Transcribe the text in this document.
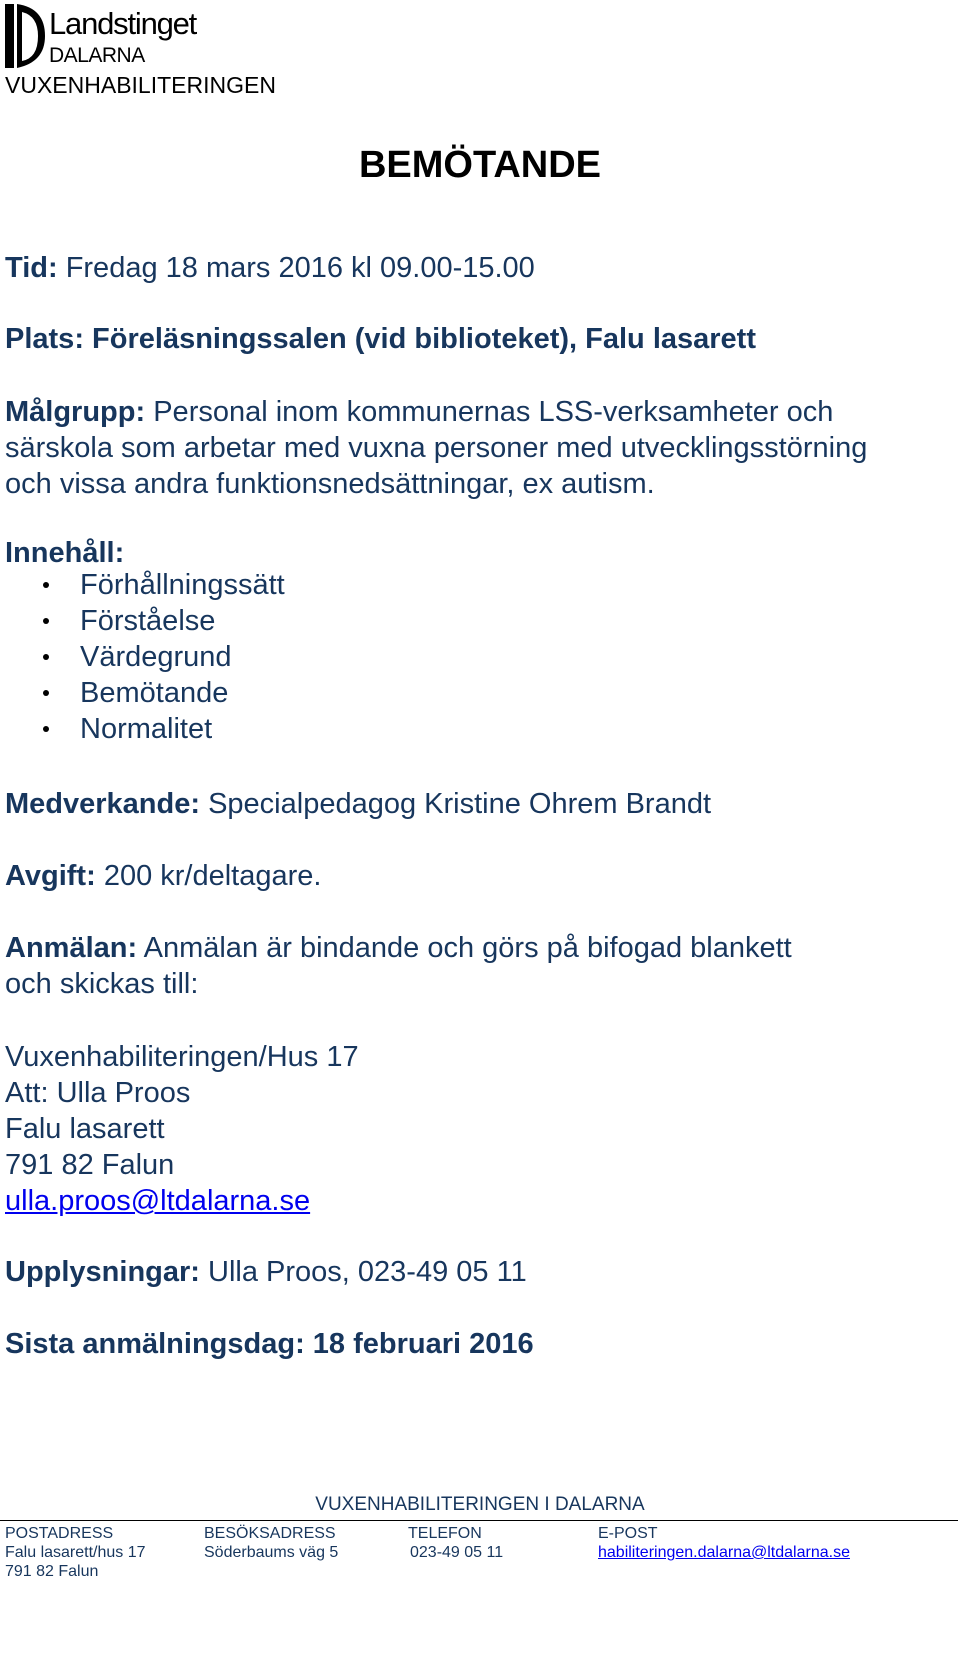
Landstinget
DALARNA
VUXENHABILITERINGEN
BEMÖTANDE
Tid: Fredag 18 mars 2016 kl 09.00-15.00
Plats: Föreläsningssalen (vid biblioteket), Falu lasarett
Målgrupp: Personal inom kommunernas LSS-verksamheter och
särskola som arbetar med vuxna personer med utvecklingsstörning
och vissa andra funktionsnedsättningar, ex autism.
Innehåll:
Förhållningssätt
Förståelse
Värdegrund
Bemötande
Normalitet
Medverkande: Specialpedagog Kristine Ohrem Brandt
Avgift: 200 kr/deltagare.
Anmälan: Anmälan är bindande och görs på bifogad blankett
och skickas till:
Vuxenhabiliteringen/Hus 17
Att: Ulla Proos
Falu lasarett
791 82 Falun
ulla.proos@ltdalarna.se
Upplysningar: Ulla Proos, 023-49 05 11
Sista anmälningsdag: 18 februari 2016
VUXENHABILITERINGEN I DALARNA
POSTADRESS
Falu lasarett/hus 17
791 82 Falun
BESÖKSADRESS
Söderbaums väg 5
TELEFON
023-49 05 11
E-POST
habiliteringen.dalarna@ltdalarna.se
